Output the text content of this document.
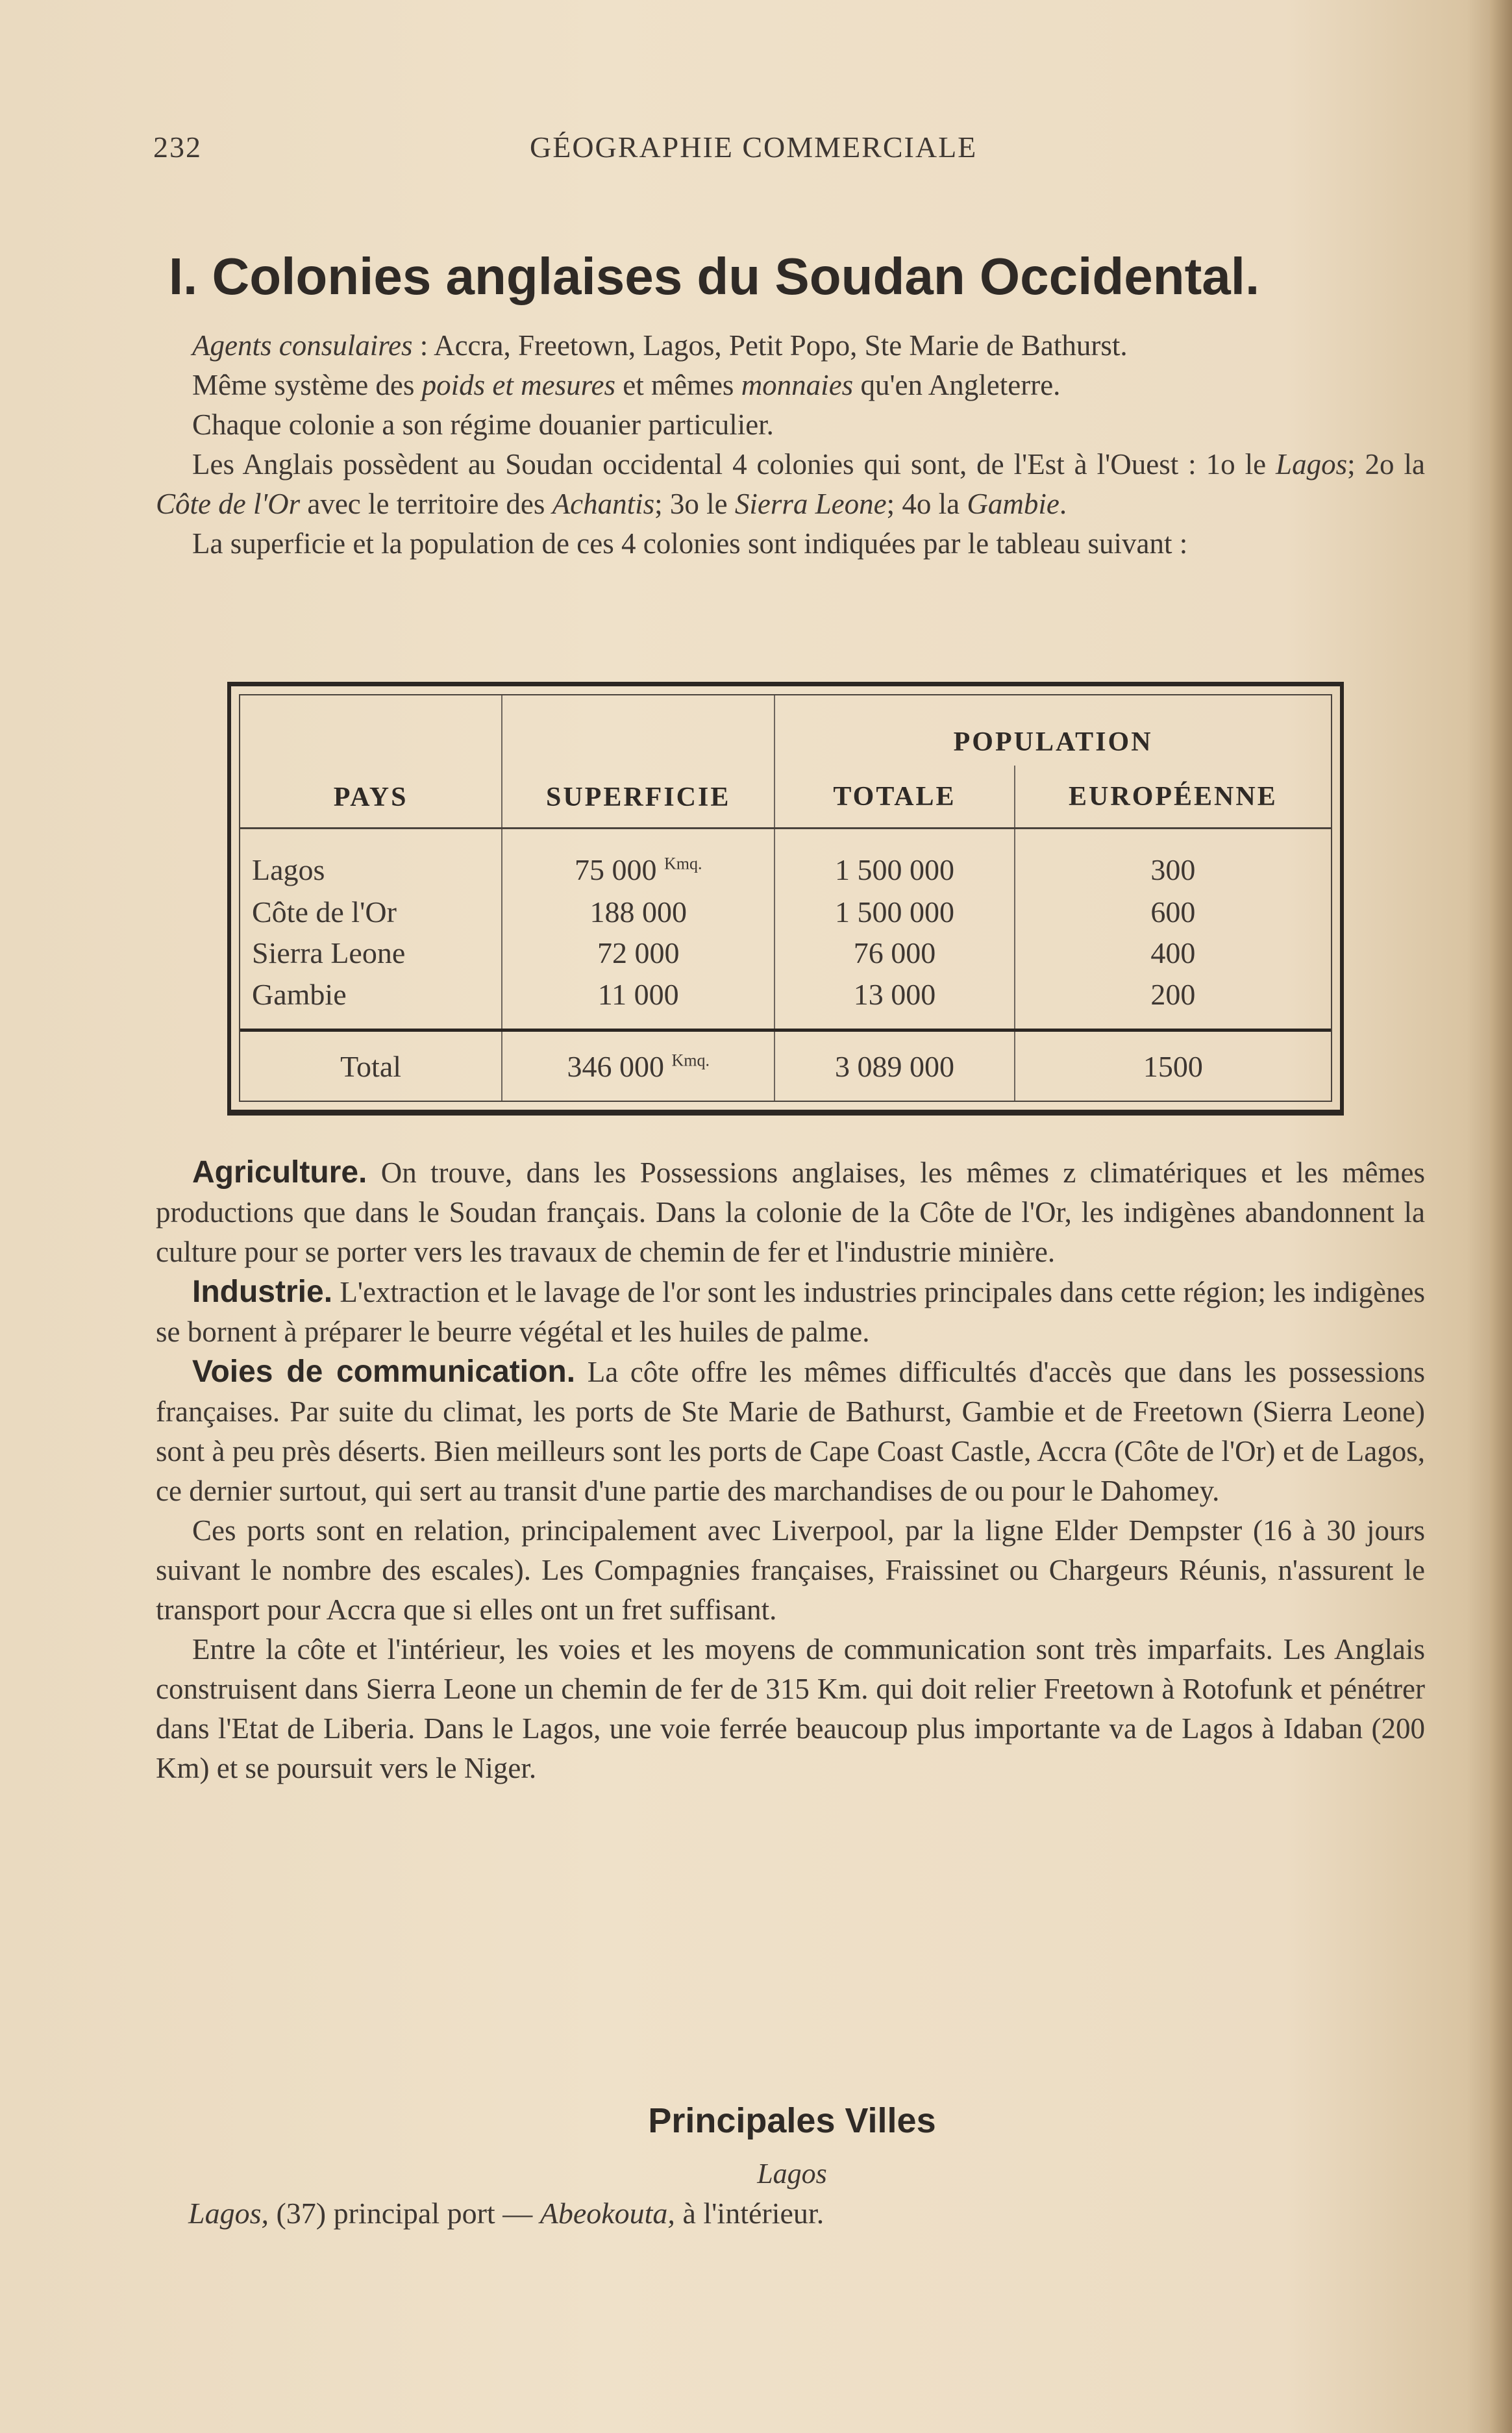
232	GÉOGRAPHIE COMMERCIALE
I. Colonies anglaises du Soudan Occidental.

Agents consulaires : Accra, Freetown, Lagos, Petit Popo, Ste Marie de Bathurst.

Même système des poids et mesures et mêmes monnaies qu'en Angleterre.

Chaque colonie a son régime douanier particulier.

Les Anglais possèdent au Soudan occidental 4 colonies qui sont, de l'Est à l'Ouest : 1o le Lagos; 2o la Côte de l'Or avec le territoire des Achantis; 3o le Sierra Leone; 4o la Gambie.

La superficie et la population de ces 4 colonies sont indiquées par le tableau suivant :

PAYS	SUPERFICIE	POPULATION	
		TOTALE	EUROPÉENNE
Lagos	75 000 $^{Kmq.}$	1 500 000	300
Côte de l'Or	188 000	1 500 000	600
Sierra Leone	72 000	76 000	400
Gambie	11 000	13 000	200
Total	346 000 $^{Kmq.}$	3 089 000	1500

Agriculture. On trouve, dans les Possessions anglaises, les mêmes z climatériques et les mêmes productions que dans le Soudan français. Dans la colonie de la Côte de l'Or, les indigènes abandonnent la culture pour se porter vers les travaux de chemin de fer et l'industrie minière.

Industrie. L'extraction et le lavage de l'or sont les industries principales dans cette région; les indigènes se bornent à préparer le beurre végétal et les huiles de palme.

Voies de communication. La côte offre les mêmes difficultés d'accès que dans les possessions françaises. Par suite du climat, les ports de Ste Marie de Bathurst, Gambie et de Freetown (Sierra Leone) sont à peu près déserts. Bien meilleurs sont les ports de Cape Coast Castle, Accra (Côte de l'Or) et de Lagos, ce dernier surtout, qui sert au transit d'une partie des marchandises de ou pour le Dahomey.

Ces ports sont en relation, principalement avec Liverpool, par la ligne Elder Dempster (16 à 30 jours suivant le nombre des escales). Les Compagnies françaises, Fraissinet ou Chargeurs Réunis, n'assurent le transport pour Accra que si elles ont un fret suffisant.

Entre la côte et l'intérieur, les voies et les moyens de communication sont très imparfaits. Les Anglais construisent dans Sierra Leone un chemin de fer de 315 Km. qui doit relier Freetown à Rotofunk et pénétrer dans l'Etat de Liberia. Dans le Lagos, une voie ferrée beaucoup plus importante va de Lagos à Idaban (200 Km) et se poursuit vers le Niger.

Principales Villes
Lagos
Lagos, (37) principal port — Abeokouta, à l'intérieur.
